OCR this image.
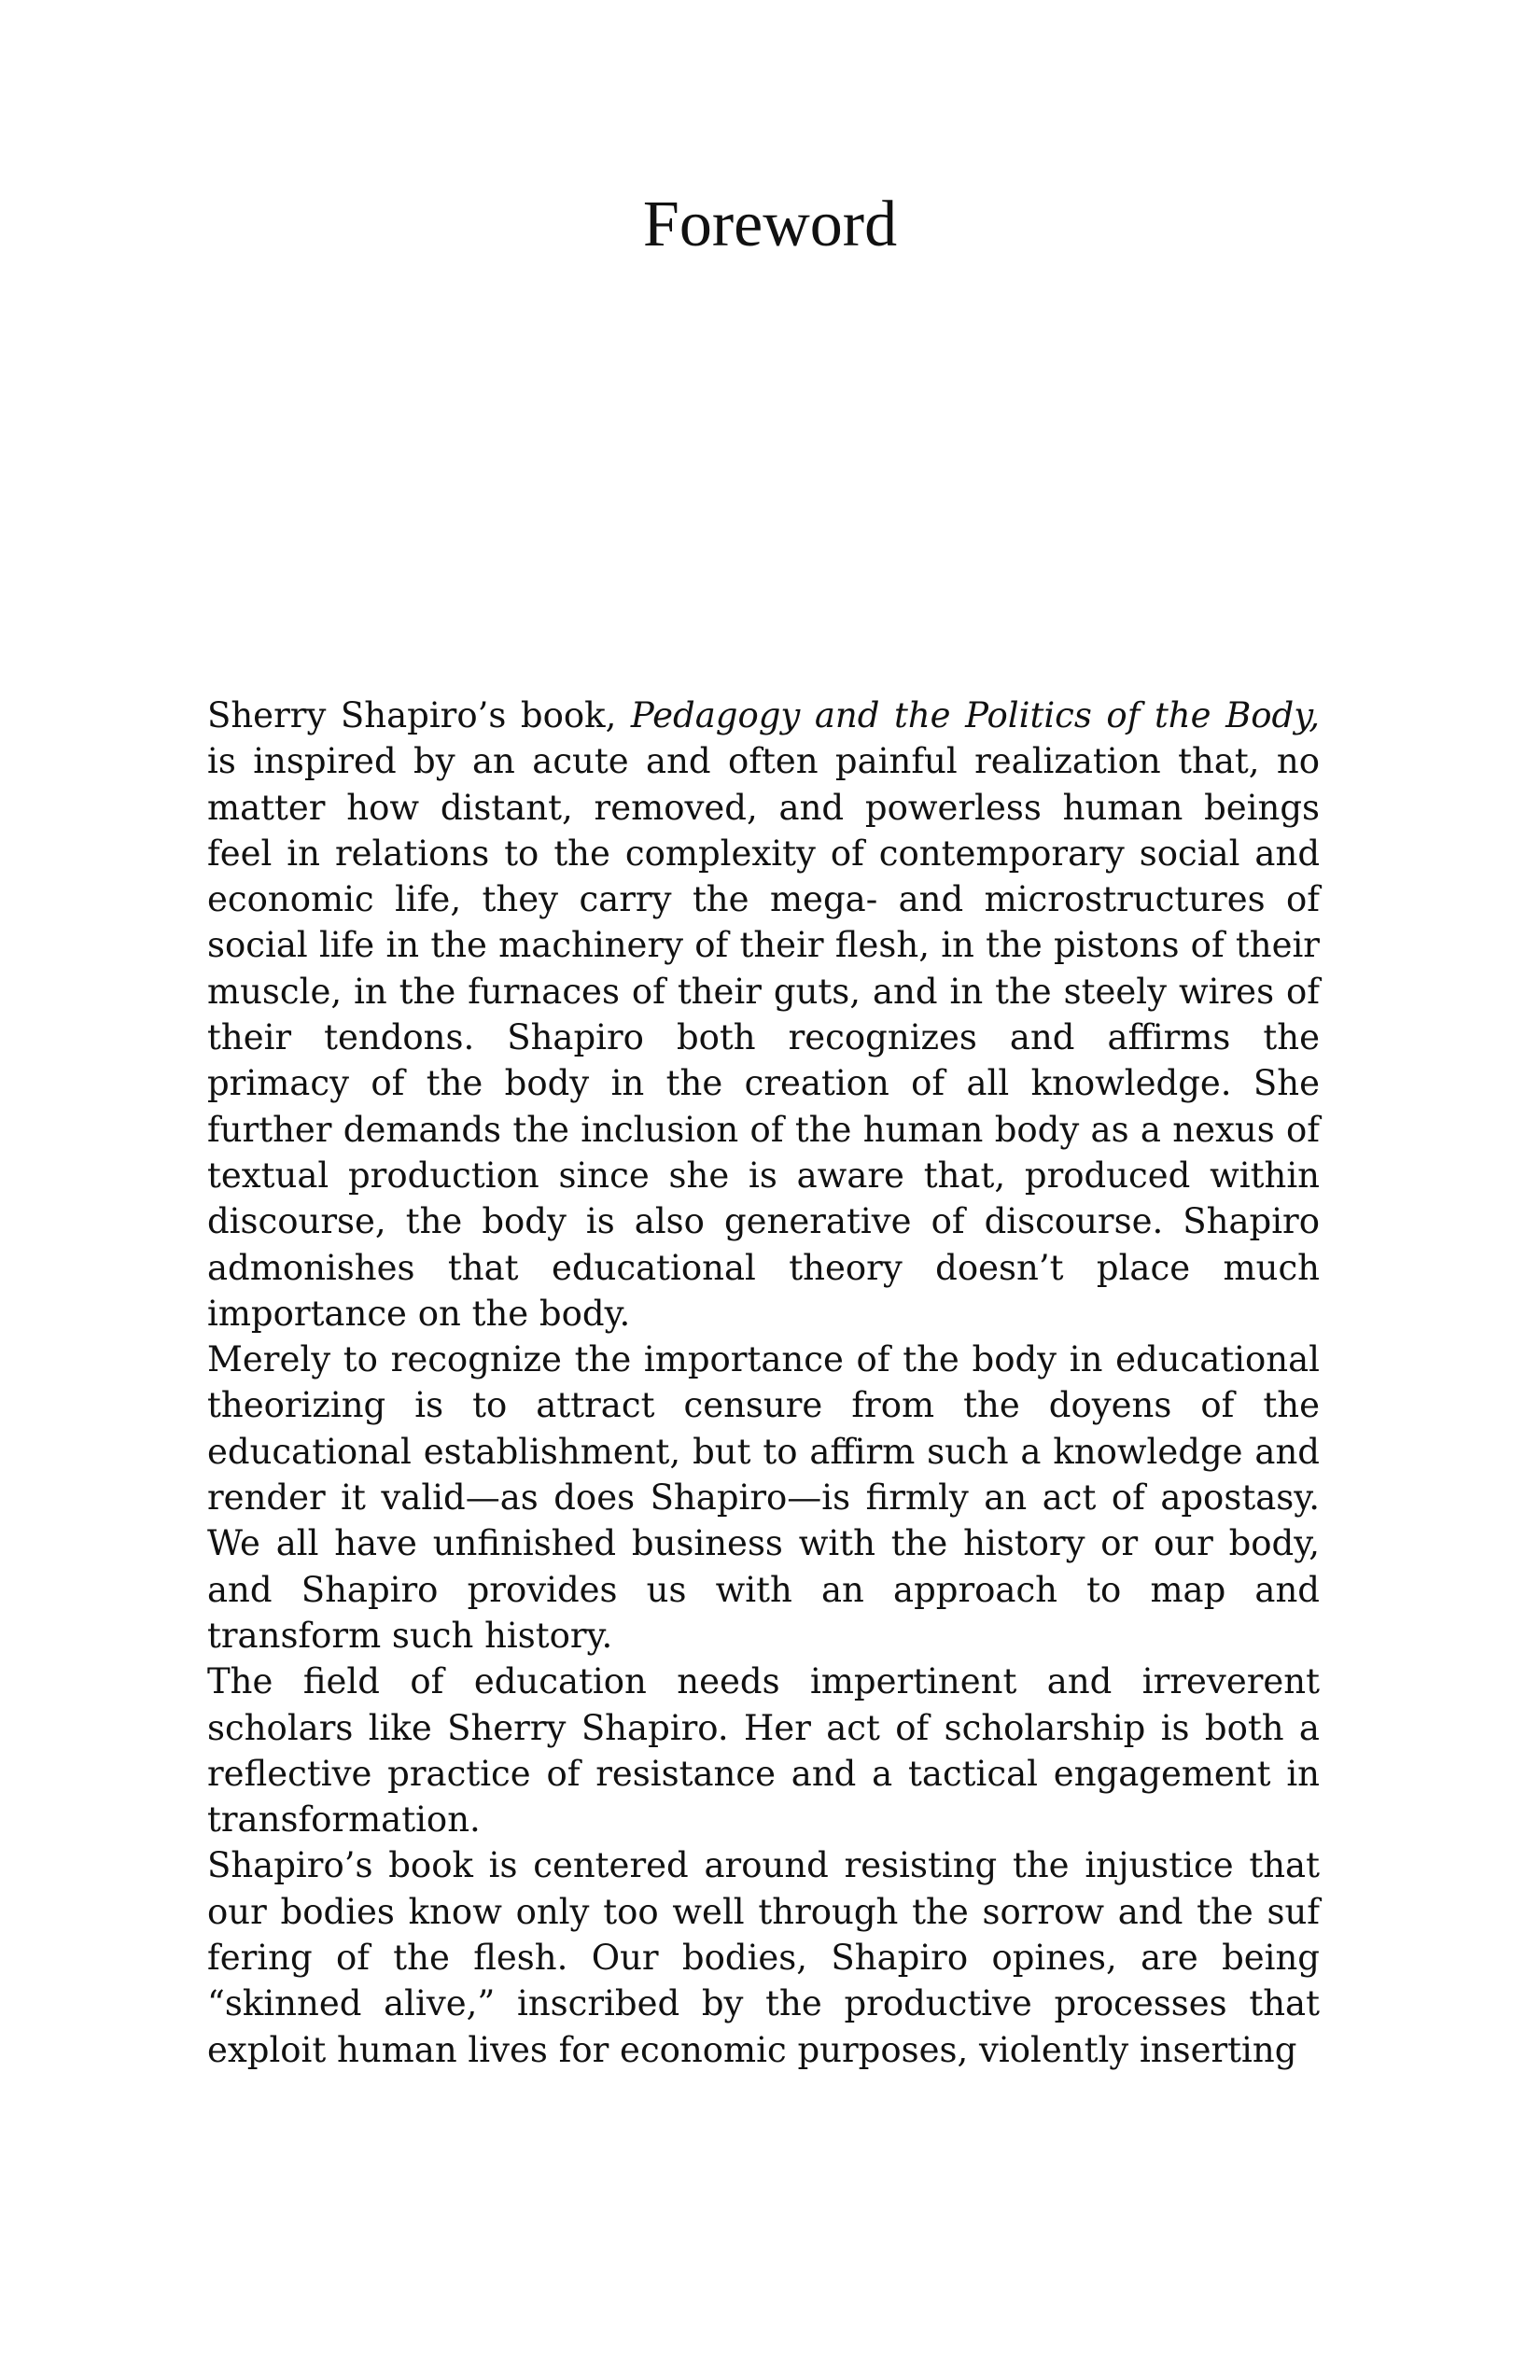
Foreword

Sherry Shapiro’s book, Pedagogy and the Politics of the Body, is inspired by an acute and often painful realization that, no matter how distant, removed, and powerless human beings feel in relations to the complexity of contemporary social and economic life, they carry the mega- and microstructures of social life in the machinery of their flesh, in the pistons of their muscle, in the furnaces of their guts, and in the steely wires of their tendons. Shapiro both recognizes and affirms the primacy of the body in the creation of all knowledge. She further demands the inclusion of the human body as a nexus of textual production since she is aware that, produced within discourse, the body is also generative of discourse. Shapiro admonishes that educational theory doesn’t place much importance on the body.

Merely to recognize the importance of the body in educational theorizing is to attract censure from the doyens of the educational establishment, but to affirm such a knowledge and render it valid—as does Shapiro—is firmly an act of apostasy. We all have unfinished business with the history or our body, and Shapiro provides us with an approach to map and transform such history.

The field of education needs impertinent and irreverent scholars like Sherry Shapiro. Her act of scholarship is both a reflective practice of resistance and a tactical engagement in transformation.

Shapiro’s book is centered around resisting the injustice that our bodies know only too well through the sorrow and the suf fering of the flesh. Our bodies, Shapiro opines, are being “skinned alive,” inscribed by the productive processes that exploit human lives for economic purposes, violently inserting
